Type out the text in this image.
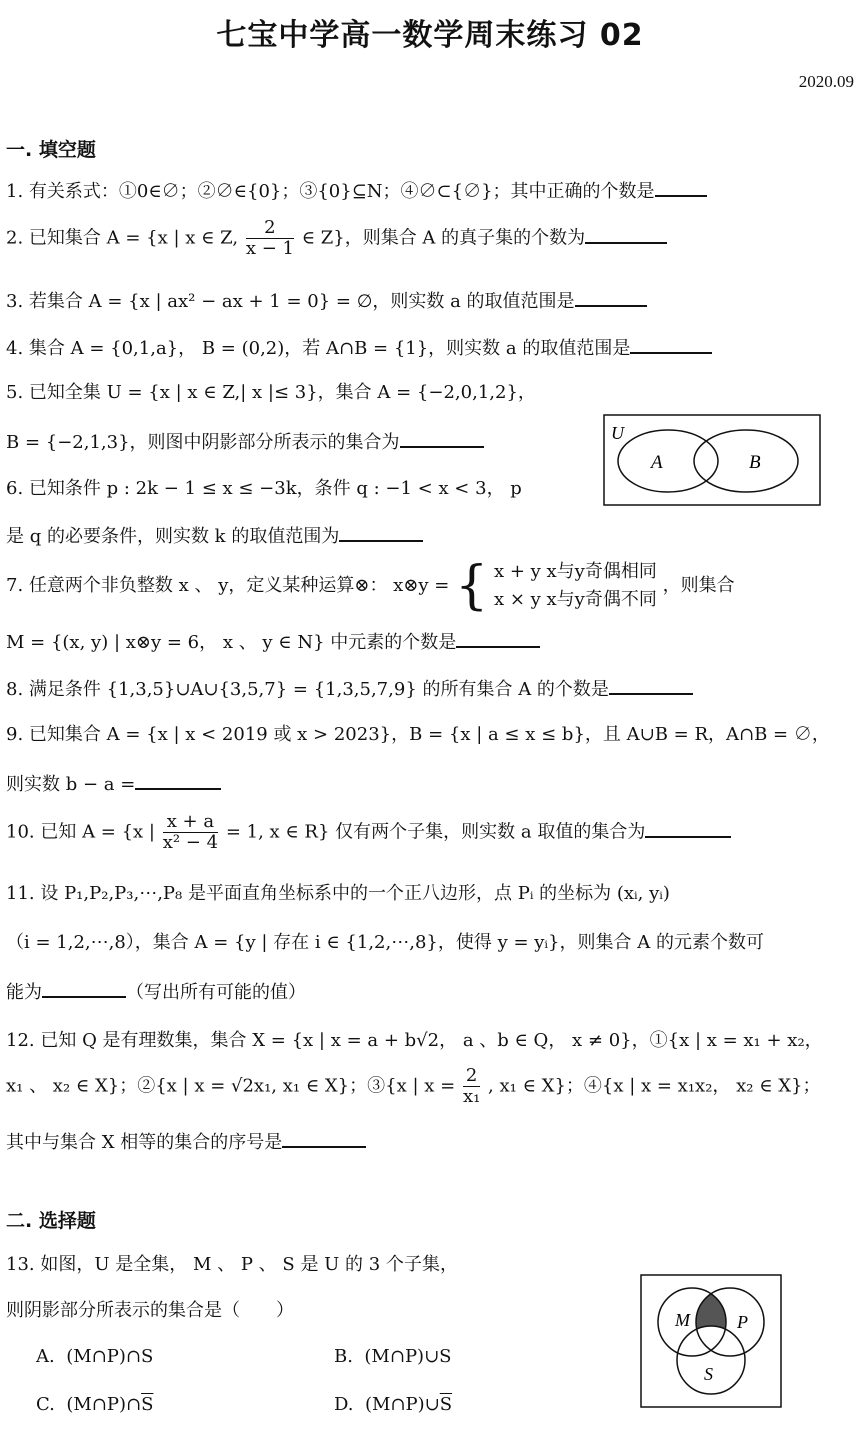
七宝中学高一数学周末练习 02
2020.09
一. 填空题
1. 有关系式：①0∈∅；②∅∈{0}；③{0}⊆N；④∅⊂{∅}；其中正确的个数是
2. 已知集合 A = {x | x ∈ Z, $\frac{2}{x - 1}$ ∈ Z}，则集合 A 的真子集的个数为
3. 若集合 A = {x | ax² − ax + 1 = 0} = ∅，则实数 a 的取值范围是
4. 集合 A = {0,1,a}， B = (0,2)，若 A∩B = {1}，则实数 a 的取值范围是
5. 已知全集 U = {x | x ∈ Z,| x |≤ 3}，集合 A = {−2,0,1,2}，
B = {−2,1,3}，则图中阴影部分所表示的集合为	U
A	B
6. 已知条件 p : 2k − 1 ≤ x ≤ −3k，条件 q : −1 < x < 3， p
是 q 的必要条件，则实数 k 的取值范围为
7. 任意两个非负整数 x 、 y，定义某种运算⊗： x⊗y = { x + y x与y奇偶相同
x × y x与y奇偶不同
，则集合
M = {(x, y) | x⊗y = 6， x 、 y ∈ N} 中元素的个数是
8. 满足条件 {1,3,5}∪A∪{3,5,7} = {1,3,5,7,9} 的所有集合 A 的个数是
9. 已知集合 A = {x | x < 2019 或 x > 2023}，B = {x | a ≤ x ≤ b}，且 A∪B = R，A∩B = ∅，
则实数 b − a =
10. 已知 A = {x | $\frac{x + a}{\text{x² − 4}} = 1$, x ∈ R} 仅有两个子集，则实数 a 取值的集合为
11. 设 P₁,P₂,P₃,⋯,P₈ 是平面直角坐标系中的一个正八边形，点 Pᵢ 的坐标为 (xᵢ, yᵢ)
（i = 1,2,⋯,8），集合 A = {y | 存在 i ∈ {1,2,⋯,8}，使得 y = yᵢ}，则集合 A 的元素个数可
能为	（写出所有可能的值）
12. 已知 Q 是有理数集，集合 X = {x | x = a + b√2， a 、b ∈ Q， x ≠ 0}，①{x | x = x₁ + x₂，
x₁ 、 x₂ ∈ X}；②{x | x = √2x₁, x₁ ∈ X}；③{x | $x = \frac{2}{\text{x₁}}$ , x₁ ∈ X}；④{x | x = x₁x₂， x₂ ∈ X}；
其中与集合 X 相等的集合的序号是
二. 选择题
13. 如图，U 是全集， M 、 P 、 S 是 U 的 3 个子集，
则阴影部分所表示的集合是（　　）
A. (M∩P)∩S	B. (M∩P)∪S
C. $(M\cap P)\cap\overline{S}$	D. $(M\cap P)\cup\overline{S}$
M	P
S
